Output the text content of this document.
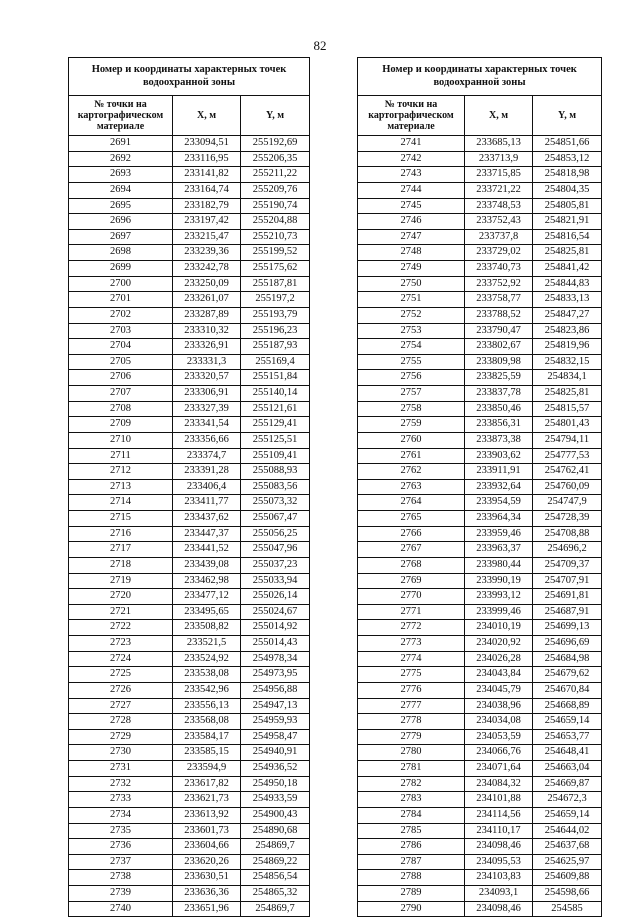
82
Номер и координаты характерных точек водоохранной зоны		
№ точки на картографическом материале	X, м	Y, м
2691	233094,51	255192,69
2692	233116,95	255206,35
2693	233141,82	255211,22
2694	233164,74	255209,76
2695	233182,79	255190,74
2696	233197,42	255204,88
2697	233215,47	255210,73
2698	233239,36	255199,52
2699	233242,78	255175,62
2700	233250,09	255187,81
2701	233261,07	255197,2
2702	233287,89	255193,79
2703	233310,32	255196,23
2704	233326,91	255187,93
2705	233331,3	255169,4
2706	233320,57	255151,84
2707	233306,91	255140,14
2708	233327,39	255121,61
2709	233341,54	255129,41
2710	233356,66	255125,51
2711	233374,7	255109,41
2712	233391,28	255088,93
2713	233406,4	255083,56
2714	233411,77	255073,32
2715	233437,62	255067,47
2716	233447,37	255056,25
2717	233441,52	255047,96
2718	233439,08	255037,23
2719	233462,98	255033,94
2720	233477,12	255026,14
2721	233495,65	255024,67
2722	233508,82	255014,92
2723	233521,5	255014,43
2724	233524,92	254978,34
2725	233538,08	254973,95
2726	233542,96	254956,88
2727	233556,13	254947,13
2728	233568,08	254959,93
2729	233584,17	254958,47
2730	233585,15	254940,91
2731	233594,9	254936,52
2732	233617,82	254950,18
2733	233621,73	254933,59
2734	233613,92	254900,43
2735	233601,73	254890,68
2736	233604,66	254869,7
2737	233620,26	254869,22
2738	233630,51	254856,54
2739	233636,36	254865,32
2740	233651,96	254869,7
Номер и координаты характерных точек водоохранной зоны		
№ точки на картографическом материале	X, м	Y, м
2741	233685,13	254851,66
2742	233713,9	254853,12
2743	233715,85	254818,98
2744	233721,22	254804,35
2745	233748,53	254805,81
2746	233752,43	254821,91
2747	233737,8	254816,54
2748	233729,02	254825,81
2749	233740,73	254841,42
2750	233752,92	254844,83
2751	233758,77	254833,13
2752	233788,52	254847,27
2753	233790,47	254823,86
2754	233802,67	254819,96
2755	233809,98	254832,15
2756	233825,59	254834,1
2757	233837,78	254825,81
2758	233850,46	254815,57
2759	233856,31	254801,43
2760	233873,38	254794,11
2761	233903,62	254777,53
2762	233911,91	254762,41
2763	233932,64	254760,09
2764	233954,59	254747,9
2765	233964,34	254728,39
2766	233959,46	254708,88
2767	233963,37	254696,2
2768	233980,44	254709,37
2769	233990,19	254707,91
2770	233993,12	254691,81
2771	233999,46	254687,91
2772	234010,19	254699,13
2773	234020,92	254696,69
2774	234026,28	254684,98
2775	234043,84	254679,62
2776	234045,79	254670,84
2777	234038,96	254668,89
2778	234034,08	254659,14
2779	234053,59	254653,77
2780	234066,76	254648,41
2781	234071,64	254663,04
2782	234084,32	254669,87
2783	234101,88	254672,3
2784	234114,56	254659,14
2785	234110,17	254644,02
2786	234098,46	254637,68
2787	234095,53	254625,97
2788	234103,83	254609,88
2789	234093,1	254598,66
2790	234098,46	254585
